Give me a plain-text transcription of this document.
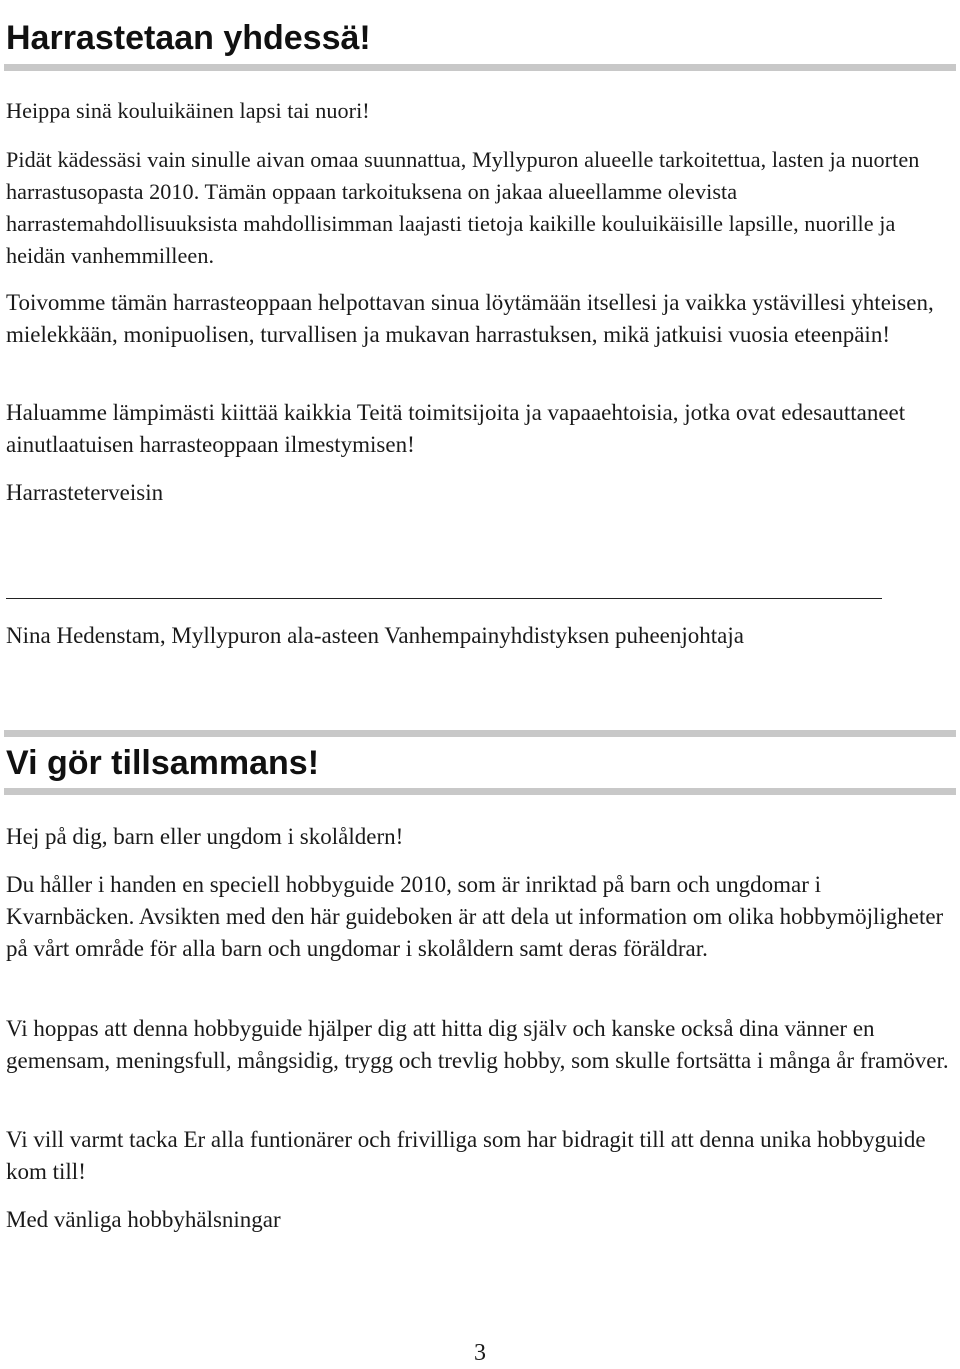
Harrastetaan yhdessä!

Heippa sinä kouluikäinen lapsi tai nuori!

Pidät kädessäsi vain sinulle aivan omaa suunnattua, Myllypuron alueelle tarkoitettua, lasten ja nuorten harrastusopasta 2010. Tämän oppaan tarkoituksena on jakaa alueellamme olevista harrastemahdollisuuksista mahdollisimman laajasti tietoja kaikille kouluikäisille lapsille, nuorille ja heidän vanhemmilleen.

Toivomme tämän harrasteoppaan helpottavan sinua löytämään itsellesi ja vaikka ystävillesi yhteisen, mielekkään, monipuolisen, turvallisen ja mukavan harrastuksen, mikä jatkuisi vuosia eteenpäin!

Haluamme lämpimästi kiittää kaikkia Teitä toimitsijoita ja vapaaehtoisia, jotka ovat edesauttaneet ainutlaatuisen harrasteoppaan ilmestymisen!

Harrasteterveisin

Nina Hedenstam, Myllypuron ala-asteen Vanhempainyhdistyksen puheenjohtaja

Vi gör tillsammans!

Hej på dig, barn eller ungdom i skolåldern!

Du håller i handen en speciell hobbyguide 2010, som är inriktad på barn och ungdomar i Kvarnbäcken. Avsikten med den här guideboken är att dela ut information om olika hobbymöjligheter på vårt område för alla barn och ungdomar i skolåldern samt deras föräldrar.

Vi hoppas att denna hobbyguide hjälper dig att hitta dig själv och kanske också dina vänner en gemensam, meningsfull, mångsidig, trygg och trevlig hobby, som skulle fortsätta i många år framöver.

Vi vill varmt tacka Er alla funtionärer och frivilliga som har bidragit till att denna unika hobbyguide kom till!

Med vänliga hobbyhälsningar

3
